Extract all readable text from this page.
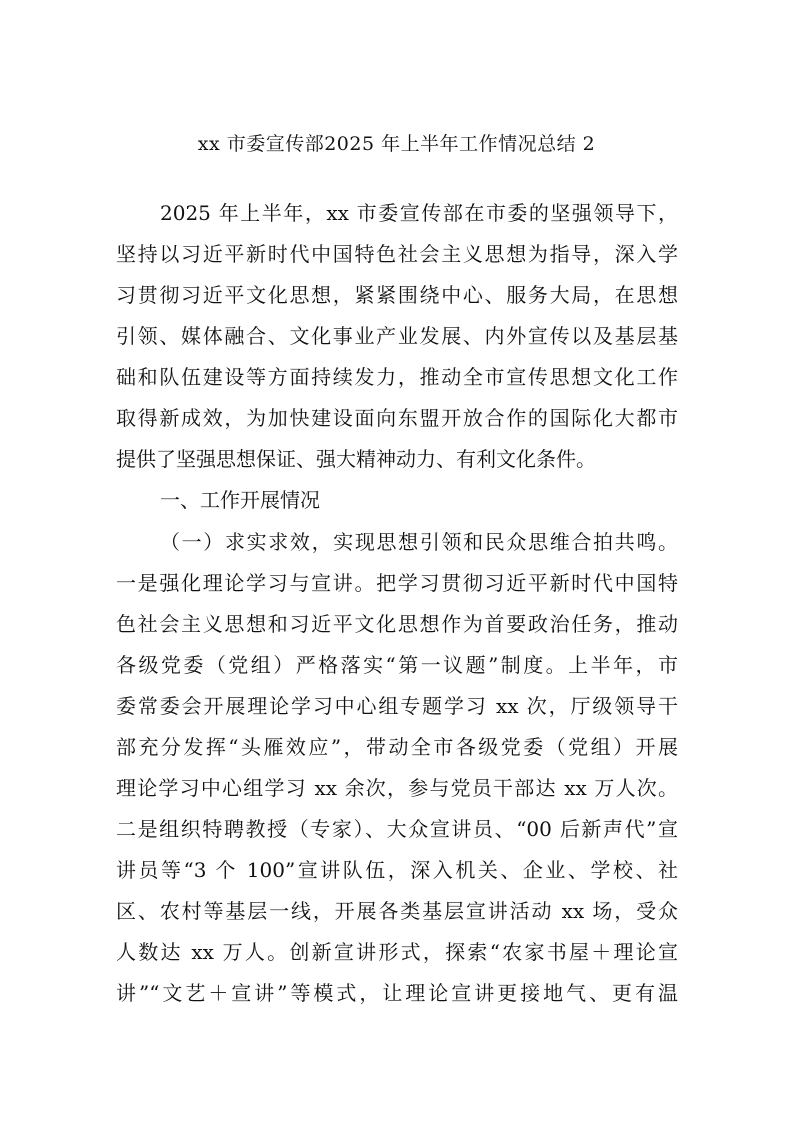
xx 市委宣传部2025 年上半年工作情况总结 2
2025 年上半年，xx 市委宣传部在市委的坚强领导下，
坚持以习近平新时代中国特色社会主义思想为指导，深入学
习贯彻习近平文化思想，紧紧围绕中心、服务大局，在思想
引领、媒体融合、文化事业产业发展、内外宣传以及基层基
础和队伍建设等方面持续发力，推动全市宣传思想文化工作
取得新成效，为加快建设面向东盟开放合作的国际化大都市
提供了坚强思想保证、强大精神动力、有利文化条件。
一、工作开展情况
（一）求实求效，实现思想引领和民众思维合拍共鸣。
一是强化理论学习与宣讲。把学习贯彻习近平新时代中国特
色社会主义思想和习近平文化思想作为首要政治任务，推动
各级党委（党组）严格落实“第一议题”制度。上半年，市
委常委会开展理论学习中心组专题学习 xx 次，厅级领导干
部充分发挥“头雁效应”，带动全市各级党委（党组）开展
理论学习中心组学习 xx 余次，参与党员干部达 xx 万人次。
二是组织特聘教授（专家）、大众宣讲员、“00 后新声代”宣
讲员等“3 个 100”宣讲队伍，深入机关、企业、学校、社
区、农村等基层一线，开展各类基层宣讲活动 xx 场，受众
人数达 xx 万人。创新宣讲形式，探索“农家书屋＋理论宣
讲”“文艺＋宣讲”等模式，让理论宣讲更接地气、更有温
